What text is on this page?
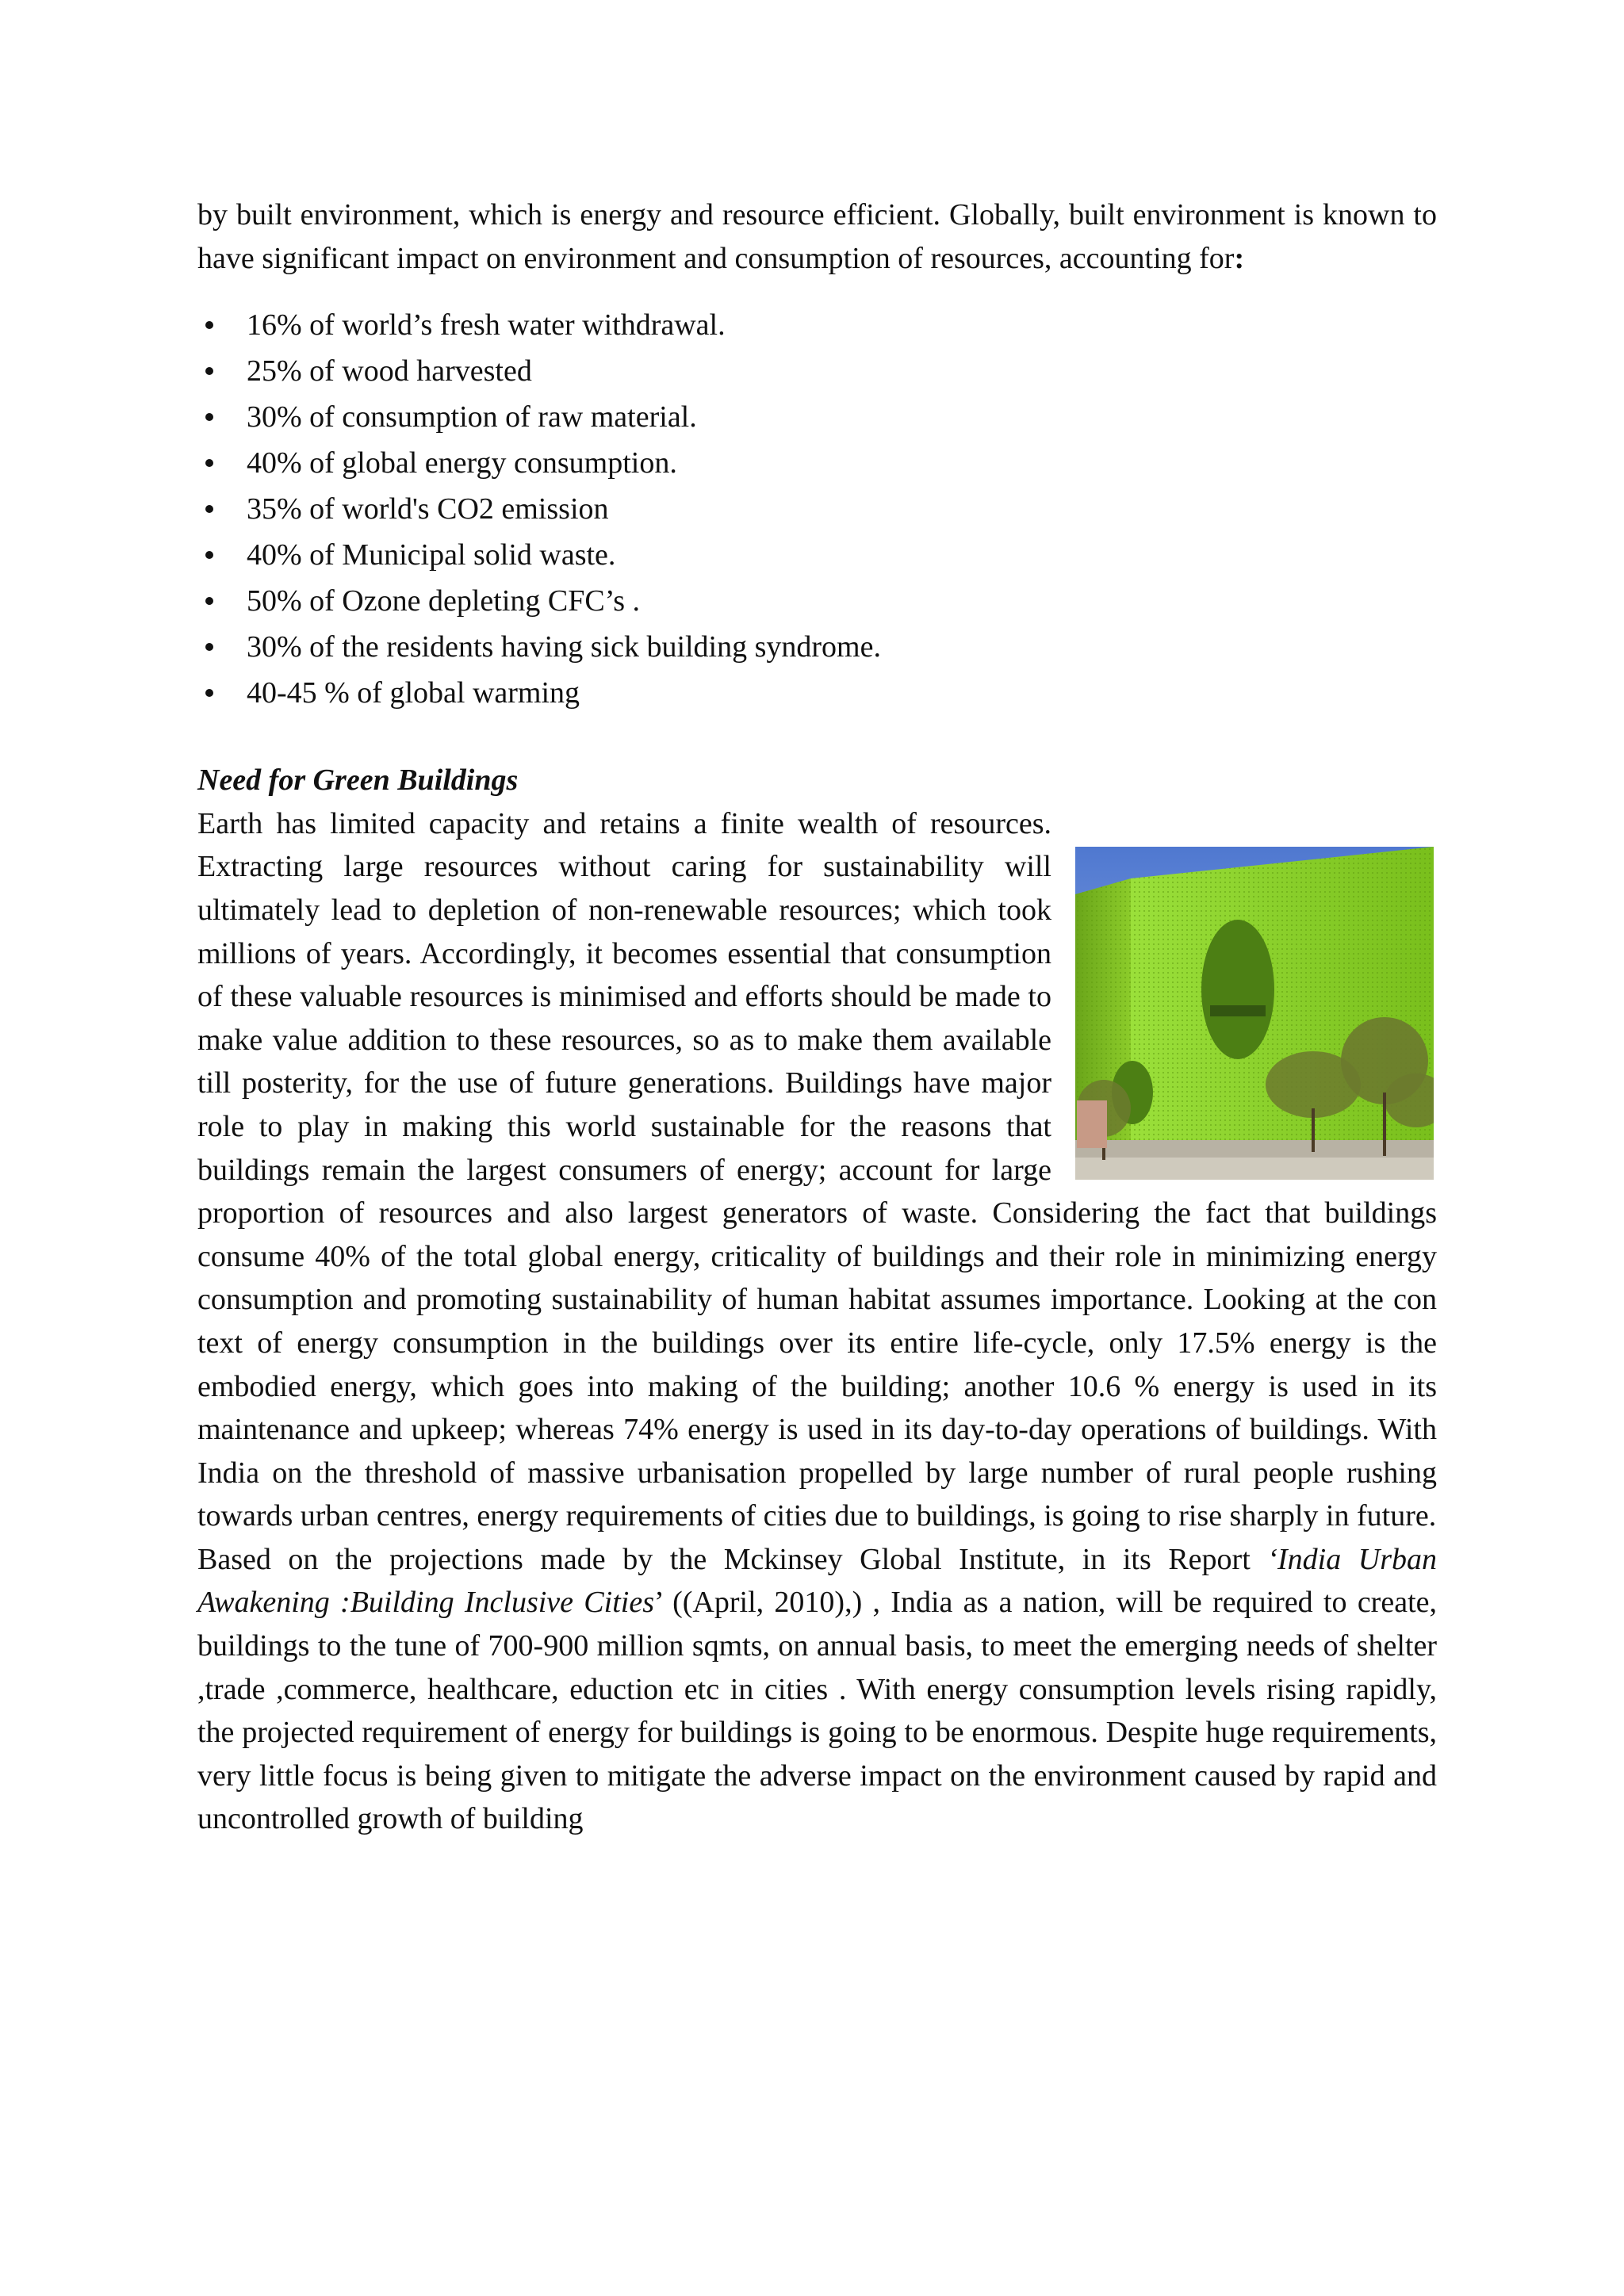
by built environment, which is energy and resource efficient. Globally, built environment is known to have significant impact on environment and consumption of resources, accounting for:

16% of world’s fresh water withdrawal.
25% of wood harvested
30% of consumption of raw material.
40% of global energy consumption.
35% of world's CO2 emission
40% of Municipal solid waste.
50% of Ozone depleting CFC’s .
30% of the residents having sick building syndrome.
40-45 % of global warming
Need for Green Buildings

Earth has limited capacity and retains a finite wealth of resources. Extracting large resources without caring for sustainability will ultimately lead to depletion of non-renewable resources; which took millions of years. Accordingly, it becomes essential that consumption of these valuable resources is minimised and efforts should be made to make value addition to these resources, so as to make them available till posterity, for the use of future generations. Buildings have major role to play in making this world sustainable for the reasons that buildings remain the largest consumers of energy; account for large proportion of resources and also largest generators of waste. Considering the fact that buildings consume 40% of the total global energy, criticality of buildings and their role in minimizing energy consumption and promoting sustainability of human habitat assumes importance. Looking at the con text of energy consumption in the buildings over its entire life-cycle, only 17.5% energy is the embodied energy, which goes into making of the building; another 10.6 % energy is used in its maintenance and upkeep; whereas 74% energy is used in its day-to-day operations of buildings. With India on the threshold of massive urbanisation propelled by large number of rural people rushing towards urban centres, energy requirements of cities due to buildings, is going to rise sharply in future.

Based on the projections made by the Mckinsey Global Institute, in its Report ‘India Urban Awakening :Building Inclusive Cities’ ((April, 2010),) , India as a nation, will be required to create, buildings to the tune of 700-900 million sqmts, on annual basis, to meet the emerging needs of shelter ,trade ,commerce, healthcare, eduction etc in cities . With energy consumption levels rising rapidly, the projected requirement of energy for buildings is going to be enormous. Despite huge requirements, very little focus is being given to mitigate the adverse impact on the environment caused by rapid and uncontrolled growth of building
